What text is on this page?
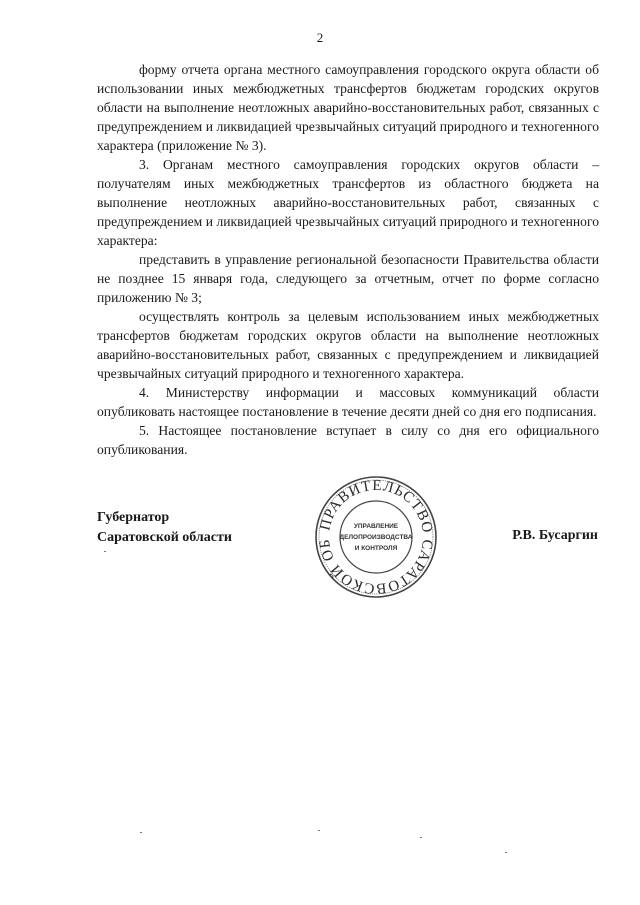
2

форму отчета органа местного самоуправления городского округа области об использовании иных межбюджетных трансфертов бюджетам городских округов области на выполнение неотложных аварийно-восстановительных работ, связанных с предупреждением и ликвидацией чрезвычайных ситуаций природного и техногенного характера (приложение № 3).

3. Органам местного самоуправления городских округов области – получателям иных межбюджетных трансфертов из областного бюджета на выполнение неотложных аварийно-восстановительных работ, связанных с предупреждением и ликвидацией чрезвычайных ситуаций природного и техногенного характера:

представить в управление региональной безопасности Правительства области не позднее 15 января года, следующего за отчетным, отчет по форме согласно приложению № 3;

осуществлять контроль за целевым использованием иных межбюджетных трансфертов бюджетам городских округов области на выполнение неотложных аварийно-восстановительных работ, связанных с предупреждением и ликвидацией чрезвычайных ситуаций природного и техногенного характера.

4. Министерству информации и массовых коммуникаций области опубликовать настоящее постановление в течение десяти дней со дня его подписания.

5. Настоящее постановление вступает в силу со дня его официального опубликования.

Губернатор
Саратовской области	Р.В. Бусаргин
ПРАВИТЕЛЬСТВО САРАТОВСКОЙ ОБ
УПРАВЛЕНИЕ
ДЕЛОПРОИЗВОДСТВА
И КОНТРОЛЯ
